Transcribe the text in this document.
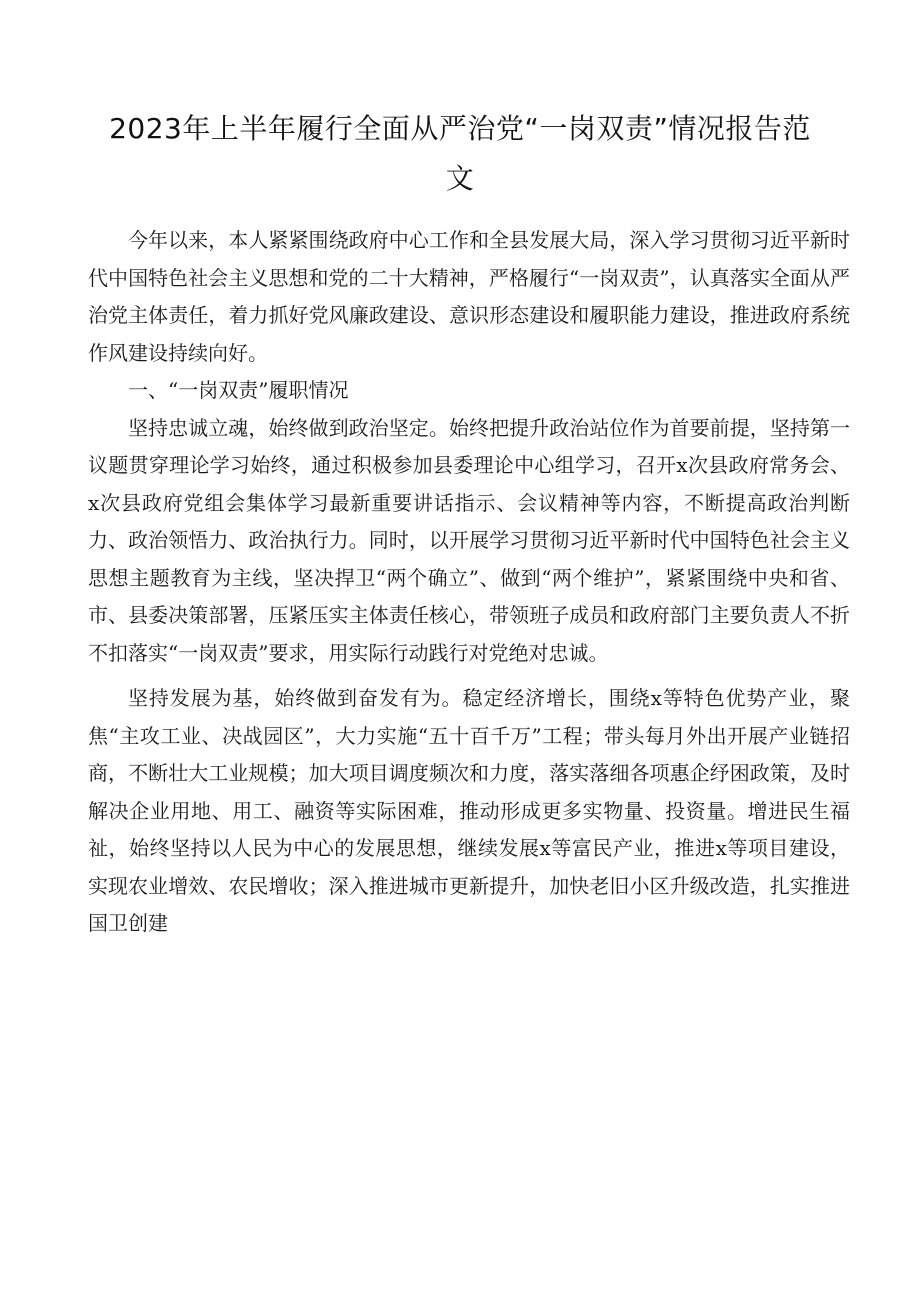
2023年上半年履行全面从严治党“一岗双责”情况报告范文

今年以来，本人紧紧围绕政府中心工作和全县发展大局，深入学习贯彻习近平新时代中国特色社会主义思想和党的二十大精神，严格履行“一岗双责”，认真落实全面从严治党主体责任，着力抓好党风廉政建设、意识形态建设和履职能力建设，推进政府系统作风建设持续向好。

一、“一岗双责”履职情况

坚持忠诚立魂，始终做到政治坚定。始终把提升政治站位作为首要前提，坚持第一议题贯穿理论学习始终，通过积极参加县委理论中心组学习，召开x次县政府常务会、x次县政府党组会集体学习最新重要讲话指示、会议精神等内容，不断提高政治判断力、政治领悟力、政治执行力。同时，以开展学习贯彻习近平新时代中国特色社会主义思想主题教育为主线，坚决捍卫“两个确立”、做到“两个维护”，紧紧围绕中央和省、市、县委决策部署，压紧压实主体责任核心，带领班子成员和政府部门主要负责人不折不扣落实“一岗双责”要求，用实际行动践行对党绝对忠诚。

坚持发展为基，始终做到奋发有为。稳定经济增长，围绕x等特色优势产业，聚焦“主攻工业、决战园区”，大力实施“五十百千万”工程；带头每月外出开展产业链招商，不断壮大工业规模；加大项目调度频次和力度，落实落细各项惠企纾困政策，及时解决企业用地、用工、融资等实际困难，推动形成更多实物量、投资量。增进民生福祉，始终坚持以人民为中心的发展思想，继续发展x等富民产业，推进x等项目建设，实现农业增效、农民增收；深入推进城市更新提升，加快老旧小区升级改造，扎实推进国卫创建
